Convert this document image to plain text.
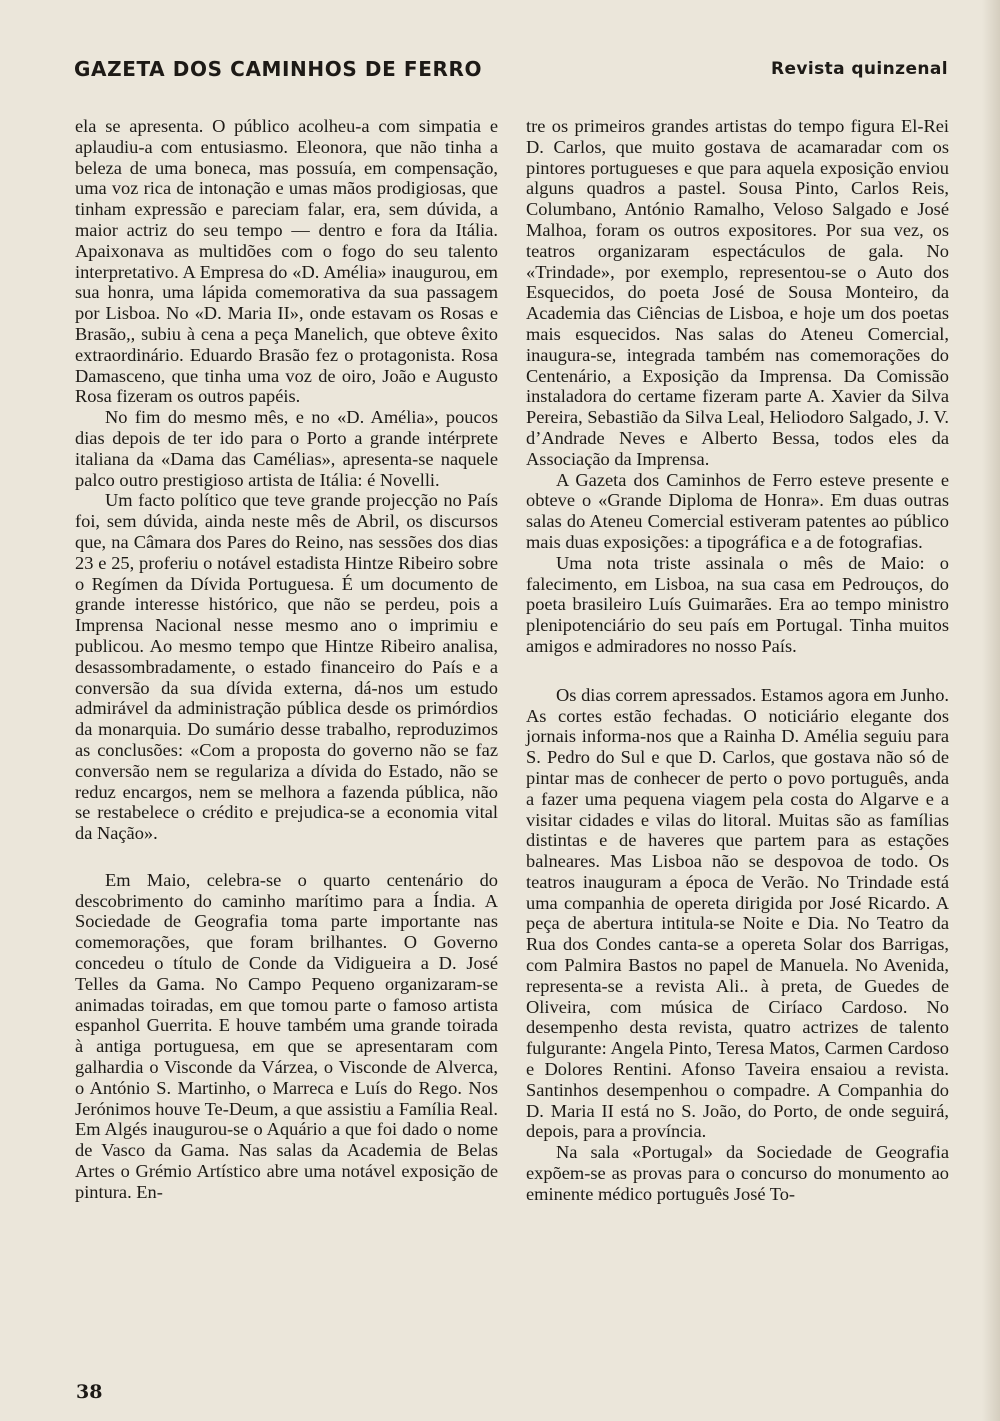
GAZETA DOS CAMINHOS DE FERRO	Revista quinzenal

ela se apresenta. O público acolheu-a com simpatia e aplaudiu-a com entusiasmo. Eleonora, que não tinha a beleza de uma boneca, mas possuía, em compensação, uma voz rica de intonação e umas mãos prodigiosas, que tinham expressão e pareciam falar, era, sem dúvida, a maior actriz do seu tempo — dentro e fora da Itália. Apaixonava as multidões com o fogo do seu talento interpretativo. A Empresa do «D. Amélia» inaugurou, em sua honra, uma lápida comemorativa da sua passagem por Lisboa. No «D. Maria II», onde estavam os Rosas e Brasão,, subiu à cena a peça Manelich, que obteve êxito extraordinário. Eduardo Brasão fez o protagonista. Rosa Damasceno, que tinha uma voz de oiro, João e Augusto Rosa fizeram os outros papéis.

No fim do mesmo mês, e no «D. Amélia», poucos dias depois de ter ido para o Porto a grande intérprete italiana da «Dama das Camélias», apresenta-se naquele palco outro prestigioso artista de Itália: é Novelli.

Um facto político que teve grande projecção no País foi, sem dúvida, ainda neste mês de Abril, os discursos que, na Câmara dos Pares do Reino, nas sessões dos dias 23 e 25, proferiu o notável estadista Hintze Ribeiro sobre o Regímen da Dívida Portuguesa. É um documento de grande interesse histórico, que não se perdeu, pois a Imprensa Nacional nesse mesmo ano o imprimiu e publicou. Ao mesmo tempo que Hintze Ribeiro analisa, desassombradamente, o estado financeiro do País e a conversão da sua dívida externa, dá-nos um estudo admirável da administração pública desde os primórdios da monarquia. Do sumário desse trabalho, reproduzimos as conclusões: «Com a proposta do governo não se faz conversão nem se regulariza a dívida do Estado, não se reduz encargos, nem se melhora a fazenda pública, não se restabelece o crédito e prejudica-se a economia vital da Nação».

Em Maio, celebra-se o quarto centenário do descobrimento do caminho marítimo para a Índia. A Sociedade de Geografia toma parte importante nas comemorações, que foram brilhantes. O Governo concedeu o título de Conde da Vidigueira a D. José Telles da Gama. No Campo Pequeno organizaram-se animadas toiradas, em que tomou parte o famoso artista espanhol Guerrita. E houve também uma grande toirada à antiga portuguesa, em que se apresentaram com galhardia o Visconde da Várzea, o Visconde de Alverca, o António S. Martinho, o Marreca e Luís do Rego. Nos Jerónimos houve Te-Deum, a que assistiu a Família Real. Em Algés inaugurou-se o Aquário a que foi dado o nome de Vasco da Gama. Nas salas da Academia de Belas Artes o Grémio Artístico abre uma notável exposição de pintura. En-

tre os primeiros grandes artistas do tempo figura El-Rei D. Carlos, que muito gostava de acamaradar com os pintores portugueses e que para aquela exposição enviou alguns quadros a pastel. Sousa Pinto, Carlos Reis, Columbano, António Ramalho, Veloso Salgado e José Malhoa, foram os outros expositores. Por sua vez, os teatros organizaram espectáculos de gala. No «Trindade», por exemplo, representou-se o Auto dos Esquecidos, do poeta José de Sousa Monteiro, da Academia das Ciências de Lisboa, e hoje um dos poetas mais esquecidos. Nas salas do Ateneu Comercial, inaugura-se, integrada também nas comemorações do Centenário, a Exposição da Imprensa. Da Comissão instaladora do certame fizeram parte A. Xavier da Silva Pereira, Sebastião da Silva Leal, Heliodoro Salgado, J. V. d’Andrade Neves e Alberto Bessa, todos eles da Associação da Imprensa.

A Gazeta dos Caminhos de Ferro esteve presente e obteve o «Grande Diploma de Honra». Em duas outras salas do Ateneu Comercial estiveram patentes ao público mais duas exposições: a tipográfica e a de fotografias.

Uma nota triste assinala o mês de Maio: o falecimento, em Lisboa, na sua casa em Pedrouços, do poeta brasileiro Luís Guimarães. Era ao tempo ministro plenipotenciário do seu país em Portugal. Tinha muitos amigos e admiradores no nosso País.

Os dias correm apressados. Estamos agora em Junho. As cortes estão fechadas. O noticiário elegante dos jornais informa-nos que a Rainha D. Amélia seguiu para S. Pedro do Sul e que D. Carlos, que gostava não só de pintar mas de conhecer de perto o povo português, anda a fazer uma pequena viagem pela costa do Algarve e a visitar cidades e vilas do litoral. Muitas são as famílias distintas e de haveres que partem para as estações balneares. Mas Lisboa não se despovoa de todo. Os teatros inauguram a época de Verão. No Trindade está uma companhia de opereta dirigida por José Ricardo. A peça de abertura intitula-se Noite e Dia. No Teatro da Rua dos Condes canta-se a opereta Solar dos Barrigas, com Palmira Bastos no papel de Manuela. No Avenida, representa-se a revista Ali.. à preta, de Guedes de Oliveira, com música de Ciríaco Cardoso. No desempenho desta revista, quatro actrizes de talento fulgurante: Angela Pinto, Teresa Matos, Carmen Cardoso e Dolores Rentini. Afonso Taveira ensaiou a revista. Santinhos desempenhou o compadre. A Companhia do D. Maria II está no S. João, do Porto, de onde seguirá, depois, para a província.

Na sala «Portugal» da Sociedade de Geografia expõem-se as provas para o concurso do monumento ao eminente médico português José To-

38
